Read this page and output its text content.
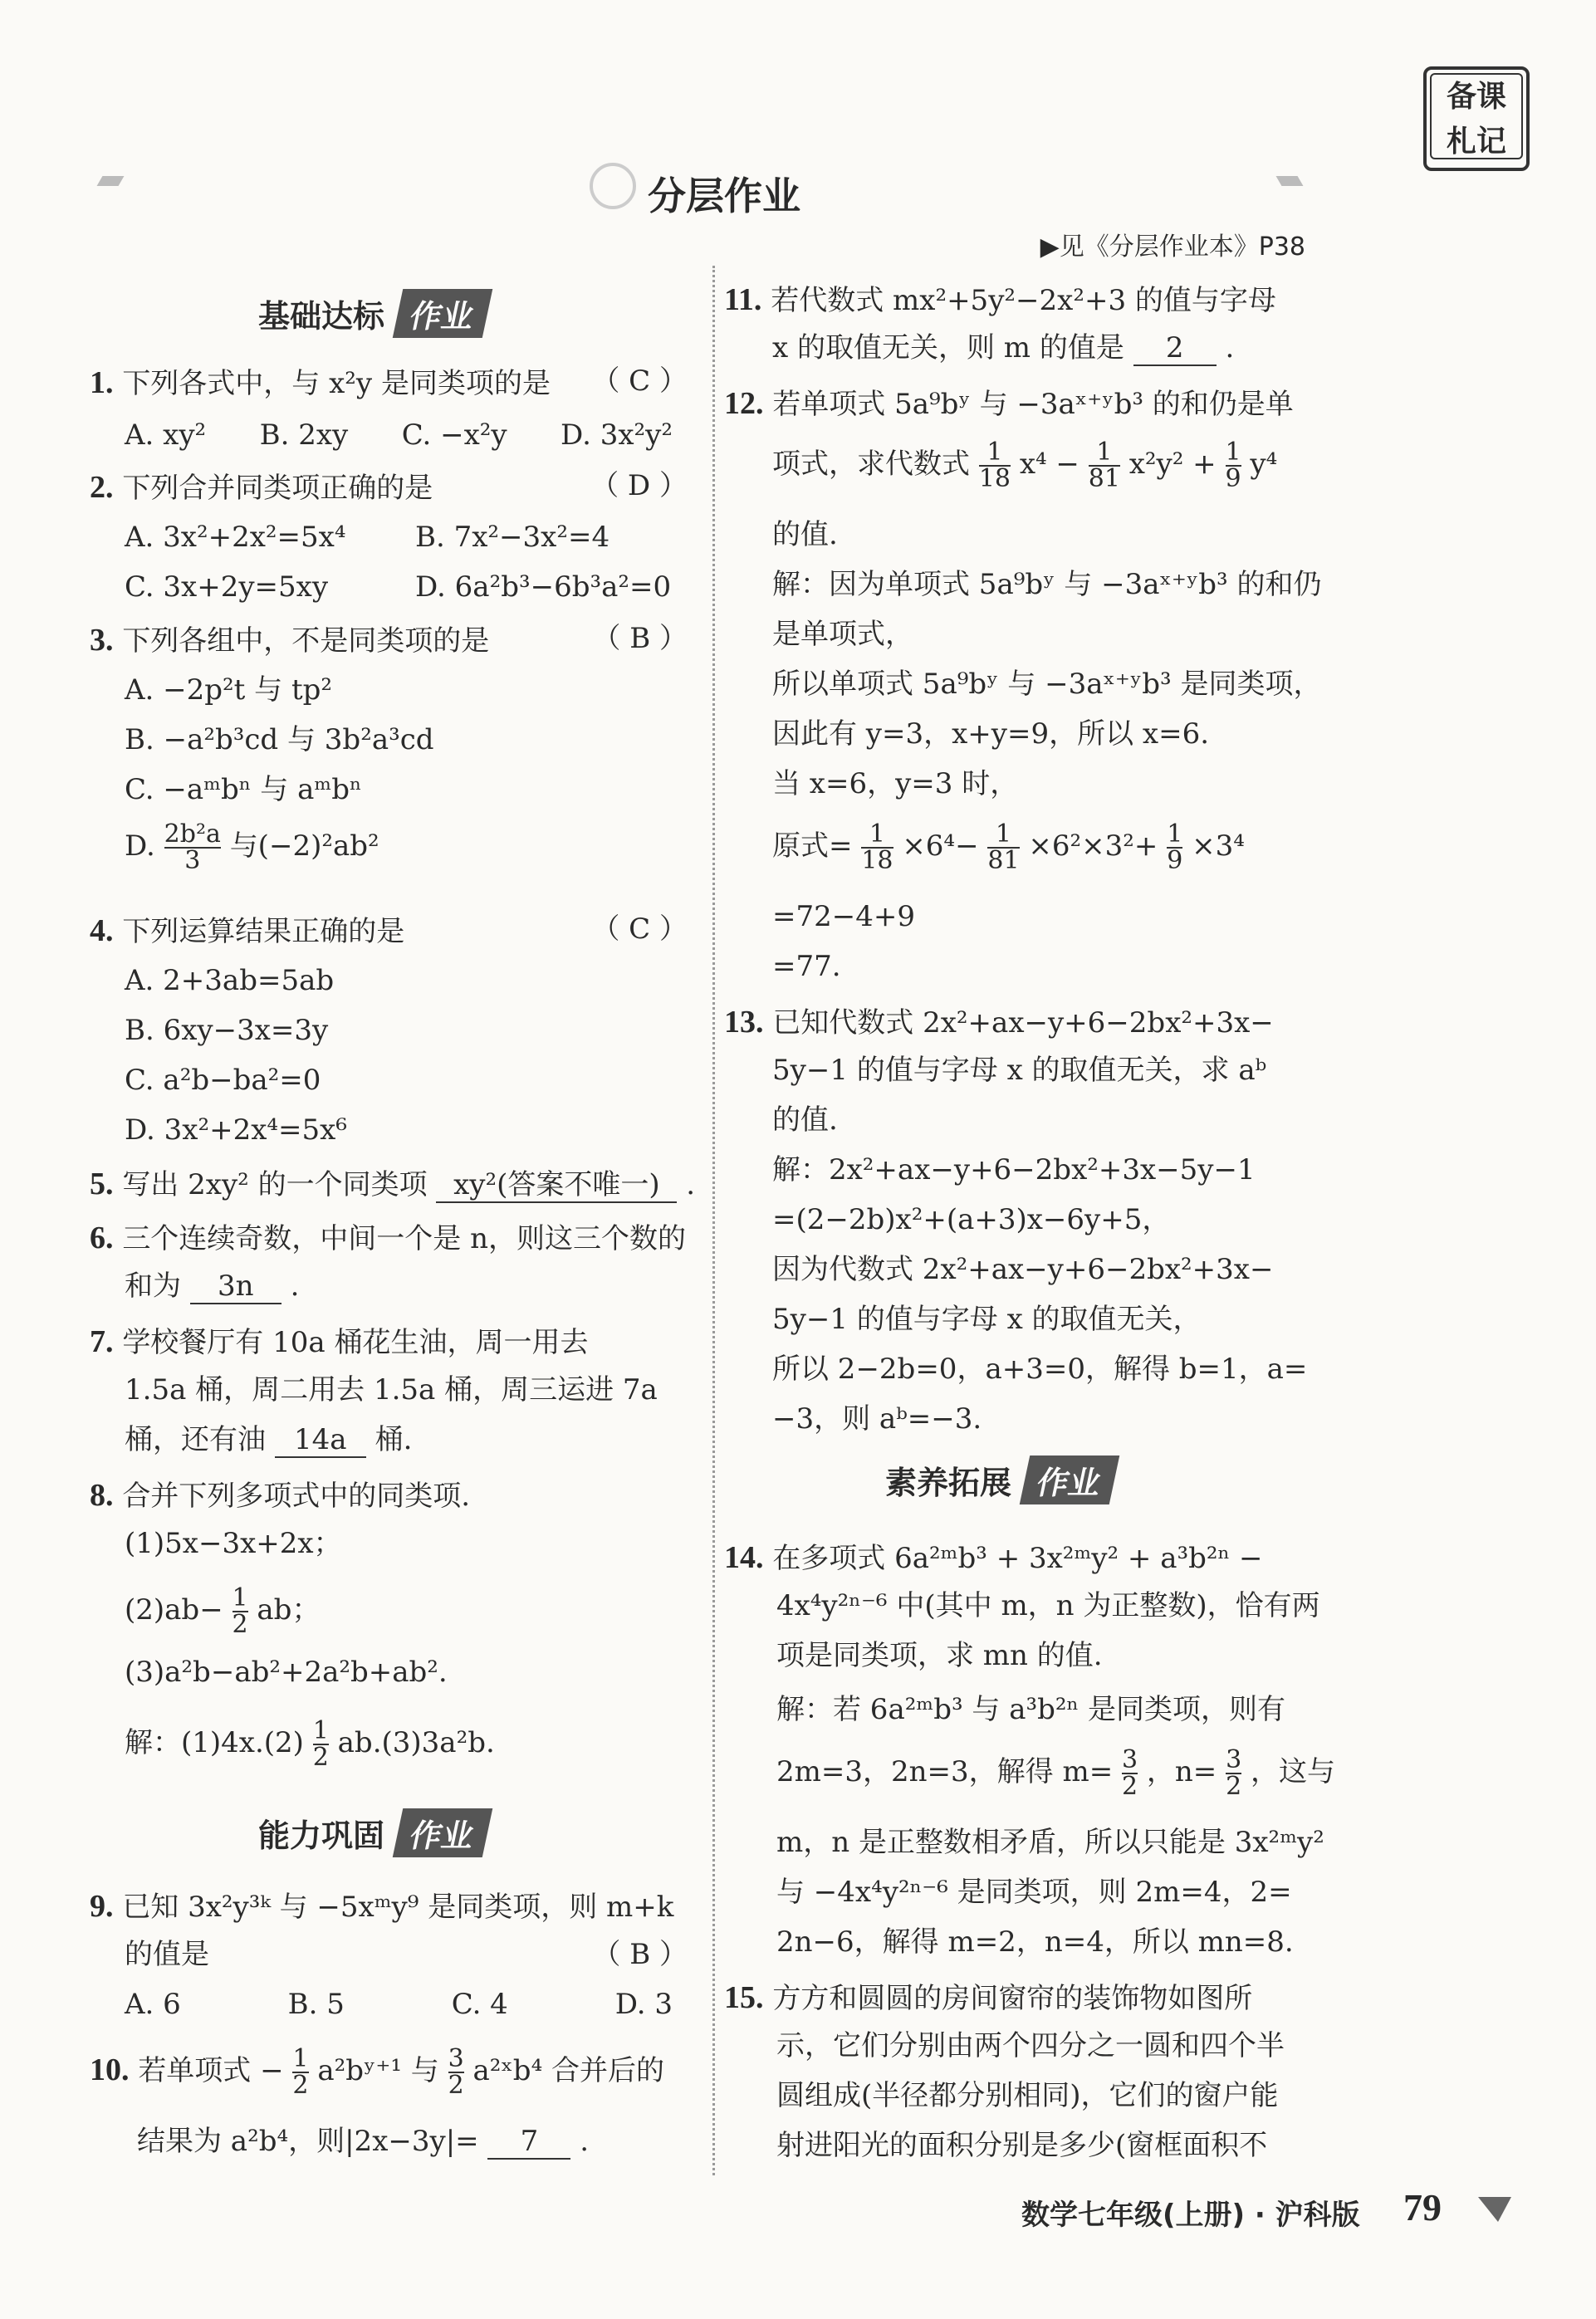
备课
札记
分层作业
▶见《分层作业本》P38
基础达标 作业
1. 下列各式中，与 x²y 是同类项的是 （ C ）
A. xy² B. 2xy C. −x²y D. 3x²y²
2. 下列合并同类项正确的是	（ D ）
A. 3x²+2x²=5x⁴ B. 7x²−3x²=4
C. 3x+2y=5xy	D. 6a²b³−6b³a²=0
3. 下列各组中，不是同类项的是	（ B ）
A. −2p²t 与 tp²
B. −a²b³cd 与 3b²a³cd
C. −aᵐbⁿ 与 aᵐbⁿ
D. $\frac{\text{2b²a}}{3}$ 与(−2)²ab²
4. 下列运算结果正确的是	（ C ）
A. 2+3ab=5ab
B. 6xy−3x=3y
C. a²b−ba²=0
D. 3x²+2x⁴=5x⁶
5. 写出 2xy² 的一个同类项 xy²(答案不唯一) .
6. 三个连续奇数，中间一个是 n，则这三个数的
和为 3n .
7. 学校餐厅有 10a 桶花生油，周一用去
1.5a 桶，周二用去 1.5a 桶，周三运进 7a
桶，还有油 14a 桶.
8. 合并下列多项式中的同类项.
(1)5x−3x+2x；
$(2)ab- \frac{1}{2}$ ab；
(3)a²b−ab²+2a²b+ab².
解：$(1)4x.(2) \frac{1}{2} ab.(3)3a^2b$.
能力巩固 作业
9. 已知 3x²y³ᵏ 与 −5xᵐy⁹ 是同类项，则 m+k
的值是	（ B ）
A. 6	B. 5	C. 4	D. 3
10. 若单项式 − $\frac{1}{2}$ a²bʸ⁺¹ 与 $\frac{3}{2}$ a²ˣb⁴ 合并后的
结果为 a²b⁴，则|2x−3y|= 7 .
11. 若代数式 mx²+5y²−2x²+3 的值与字母
x 的取值无关，则 m 的值是 2 .
12. 若单项式 5a⁹bʸ 与 −3aˣ⁺ʸb³ 的和仍是单
项式，求代数式 $\frac{1}{18} x^4 - \frac{1}{81} x^2y^2 + \frac{1}{9} y^4$
的值.
解：因为单项式 5a⁹bʸ 与 −3aˣ⁺ʸb³ 的和仍
是单项式，
所以单项式 5a⁹bʸ 与 −3aˣ⁺ʸb³ 是同类项，
因此有 y=3，x+y=9，所以 x=6.
当 x=6，y=3 时，
原式= $\frac{1}{18} \times 6^4- \frac{1}{81} \times 6^2\times 3^2+ \frac{1}{9} \times 3^4$
=72−4+9
=77.
13. 已知代数式 2x²+ax−y+6−2bx²+3x−
5y−1 的值与字母 x 的取值无关，求 aᵇ
的值.
解：2x²+ax−y+6−2bx²+3x−5y−1
=(2−2b)x²+(a+3)x−6y+5，
因为代数式 2x²+ax−y+6−2bx²+3x−
5y−1 的值与字母 x 的取值无关，
所以 2−2b=0，a+3=0，解得 b=1，a=
−3，则 aᵇ=−3.
素养拓展 作业
14. 在多项式 6a²ᵐb³ + 3x²ᵐy² + a³b²ⁿ −
4x⁴y²ⁿ⁻⁶ 中(其中 m，n 为正整数)，恰有两
项是同类项，求 mn 的值.
解：若 6a²ᵐb³ 与 a³b²ⁿ 是同类项，则有
2m=3，2n=3，解得 $m= \frac{3}{2}$ ，$n= \frac{3}{2}$ ，这与
m，n 是正整数相矛盾，所以只能是 3x²ᵐy²
与 −4x⁴y²ⁿ⁻⁶ 是同类项，则 2m=4，2=
2n−6，解得 m=2，n=4，所以 mn=8.
15. 方方和圆圆的房间窗帘的装饰物如图所
示，它们分别由两个四分之一圆和四个半
圆组成(半径都分别相同)，它们的窗户能
射进阳光的面积分别是多少(窗框面积不
数学七年级(上册) · 沪科版 79
